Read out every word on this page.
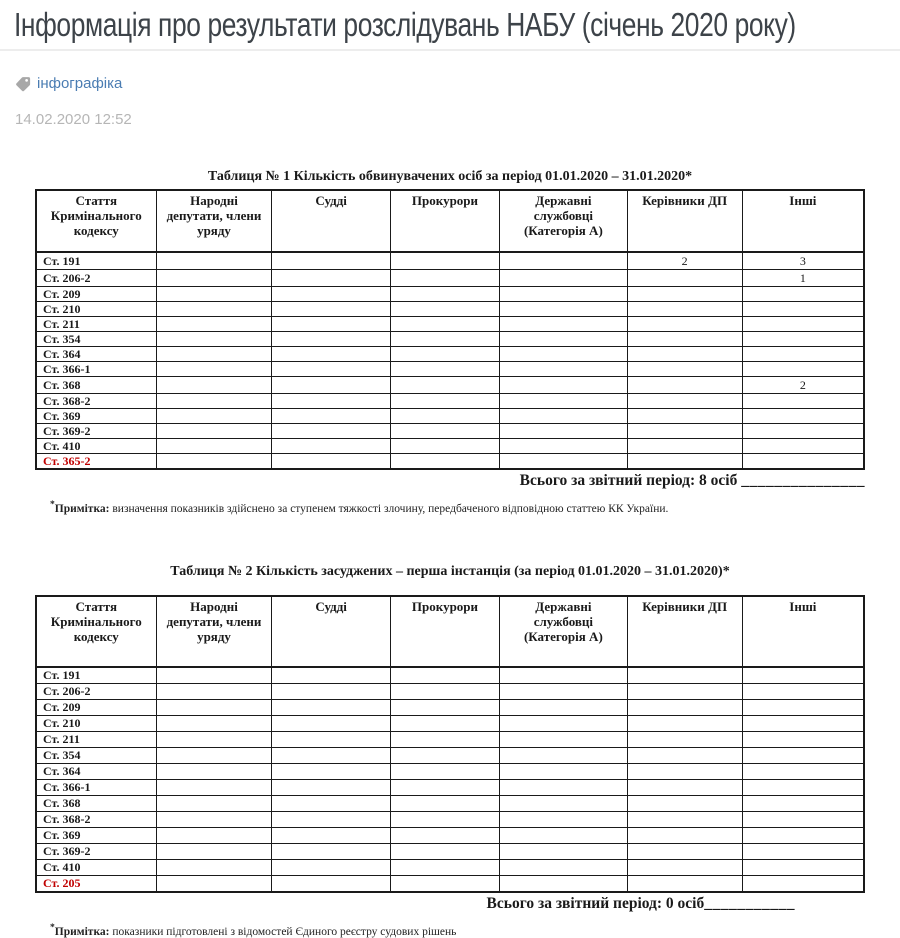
Інформація про результати розслідувань НАБУ (січень 2020 року)
інфографіка
14.02.2020 12:52
Таблиця № 1 Кількість обвинувачених осіб за період 01.01.2020 – 31.01.2020*
Стаття Кримінального кодексу	Народні депутати, члени уряду	Судді	Прокурори	Державні службовці (Категорія А)	Керівники ДП	Інші
Ст. 191					2	3
Ст. 206-2						1
Ст. 209						
Ст. 210						
Ст. 211						
Ст. 354						
Ст. 364						
Ст. 366-1						
Ст. 368						2
Ст. 368-2						
Ст. 369						
Ст. 369-2						
Ст. 410						
Ст. 365-2						
Всього за звітний період: 8 осіб _______________
*Примітка: визначення показників здійснено за ступенем тяжкості злочину, передбаченого відповідною статтею КК України.
Таблиця № 2 Кількість засуджених – перша інстанція (за період 01.01.2020 – 31.01.2020)*
Стаття Кримінального кодексу	Народні депутати, члени уряду	Судді	Прокурори	Державні службовці (Категорія А)	Керівники ДП	Інші
Ст. 191						
Ст. 206-2						
Ст. 209						
Ст. 210						
Ст. 211						
Ст. 354						
Ст. 364						
Ст. 366-1						
Ст. 368						
Ст. 368-2						
Ст. 369						
Ст. 369-2						
Ст. 410						
Ст. 205						
Всього за звітний період: 0 осіб___________
*Примітка: показники підготовлені з відомостей Єдиного реєстру судових рішень
